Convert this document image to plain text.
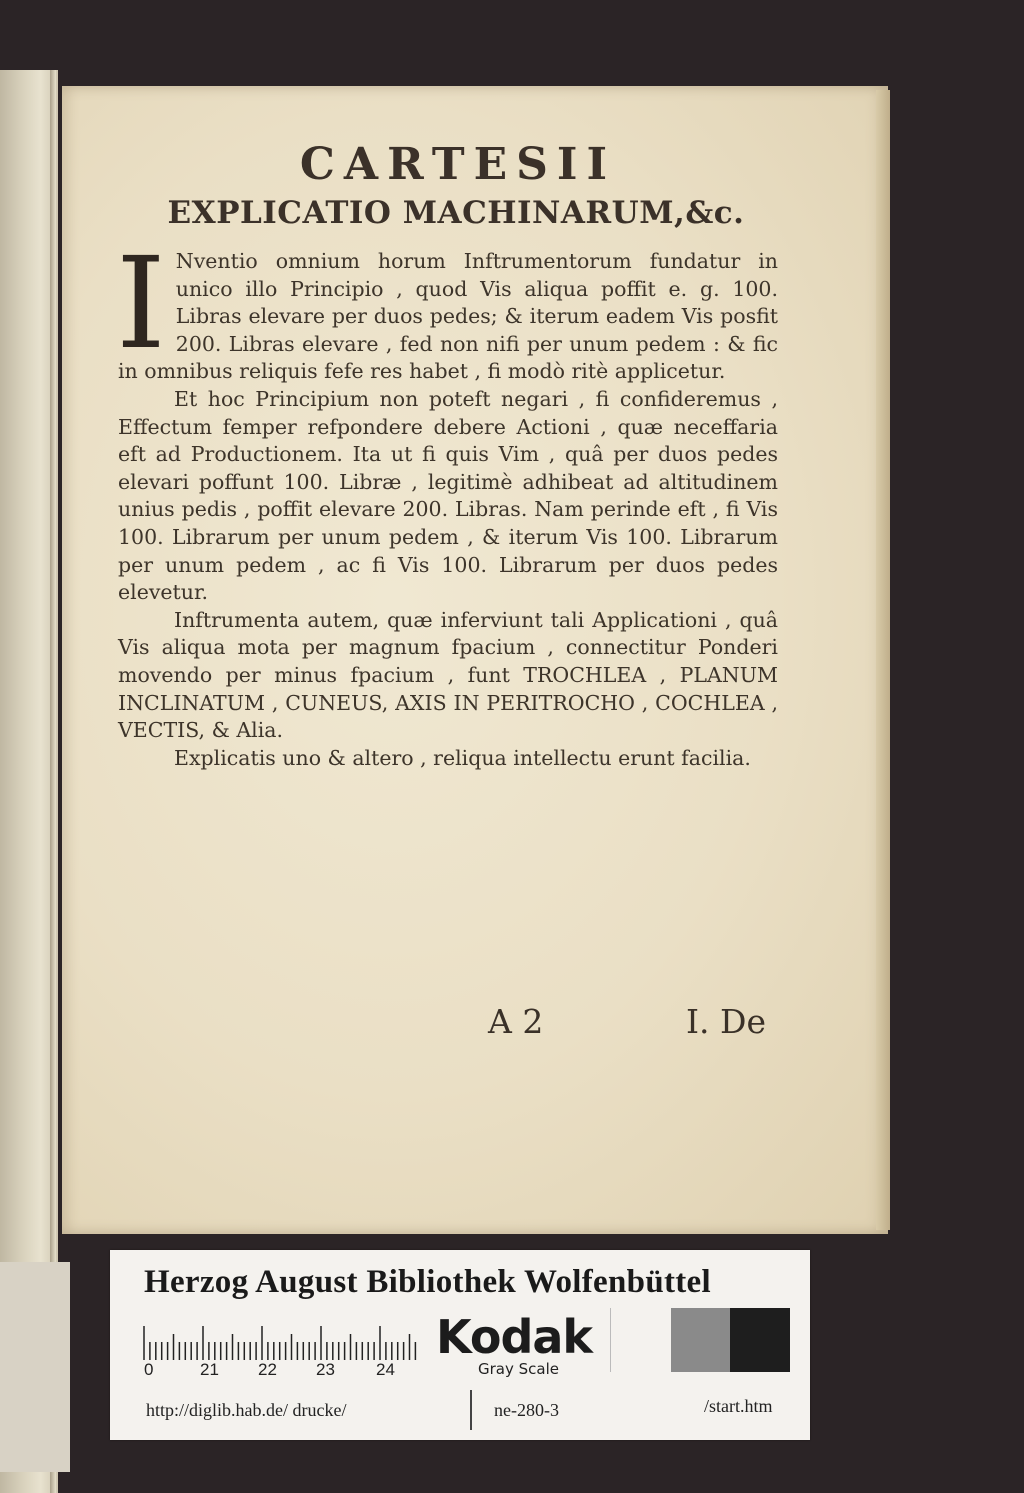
CARTESII
EXPLICATIO MACHINARUM,&c.

I Nventio omnium horum Inftrumentorum fundatur in unico illo Principio , quod Vis aliqua poffit e. g. 100. Libras elevare per duos pedes; & iterum eadem Vis posfit 200. Libras elevare , fed non nifi per unum pedem : & fic in omnibus reliquis fefe res habet , fi modò ritè applicetur.

Et hoc Principium non poteft negari , fi confideremus , Effectum femper refpondere debere Actioni , quæ neceffaria eft ad Productionem. Ita ut fi quis Vim , quâ per duos pedes elevari poffunt 100. Libræ , legitimè adhibeat ad altitudinem unius pedis , poffit elevare 200. Libras. Nam perinde eft , fi Vis 100. Librarum per unum pedem , & iterum Vis 100. Librarum per unum pedem , ac fi Vis 100. Librarum per duos pedes elevetur.

Inftrumenta autem, quæ inferviunt tali Applicationi , quâ Vis aliqua mota per magnum fpacium , connectitur Ponderi movendo per minus fpacium , funt TROCHLEA , PLANUM INCLINATUM , CUNEUS, AXIS IN PERITROCHO , COCHLEA , VECTIS, & Alia.

Explicatis uno & altero , reliqua intellectu erunt facilia.

A 2	I. De
Herzog August Bibliothek Wolfenbüttel
0	21 22 23 24
Kodak
Gray Scale
http://diglib.hab.de/ drucke/	ne-280-3	/start.htm
